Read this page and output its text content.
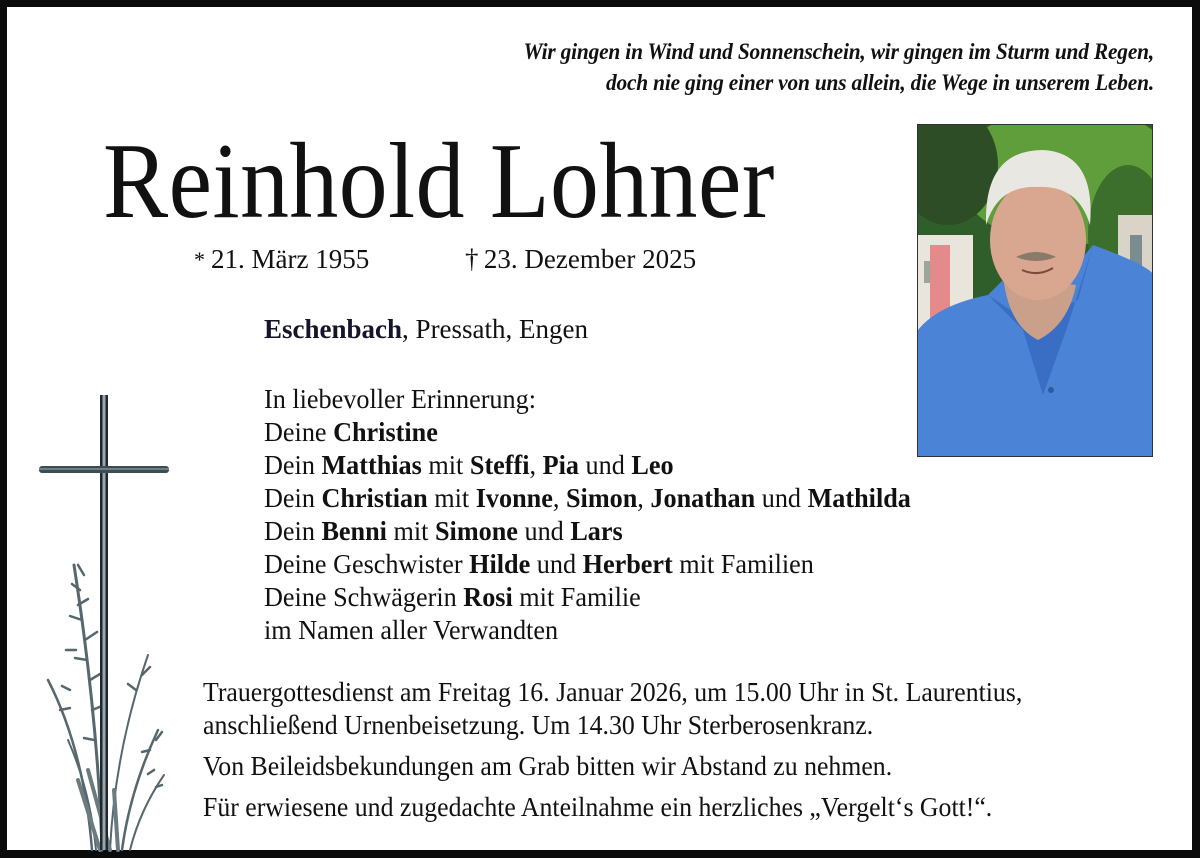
Wir gingen in Wind und Sonnenschein, wir gingen im Sturm und Regen,
doch nie ging einer von uns allein, die Wege in unserem Leben.
Reinhold Lohner
* 21. März 1955	†  23. Dezember 2025
Eschenbach, Pressath, Engen
In liebevoller Erinnerung:
Deine Christine
Dein Matthias mit Steffi, Pia und Leo
Dein Christian mit Ivonne, Simon, Jonathan und Mathilda
Dein Benni mit Simone und Lars
Deine Geschwister Hilde und Herbert mit Familien
Deine Schwägerin Rosi mit Familie
im Namen aller Verwandten
Trauergottesdienst am Freitag 16. Januar 2026, um 15.00 Uhr in St. Laurentius,
anschließend Urnenbeisetzung. Um 14.30 Uhr Sterberosenkranz.
Von Beileidsbekundungen am Grab bitten wir Abstand zu nehmen.
Für erwiesene und zugedachte Anteilnahme ein herzliches „Vergelt‘s Gott!“.
